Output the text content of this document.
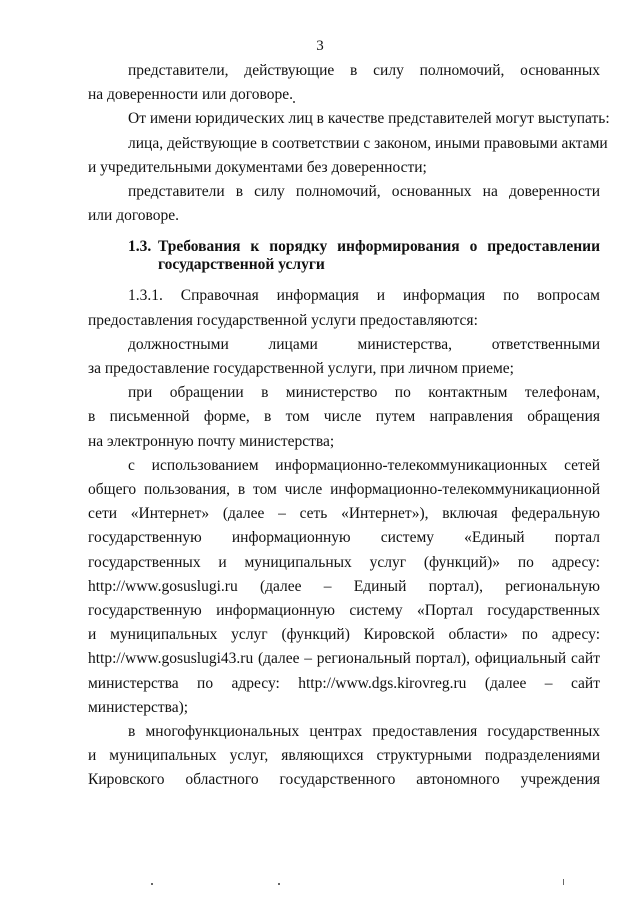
3
представители, действующие в силу полномочий, основанных
на доверенности или договоре.
От имени юридических лиц в качестве представителей могут выступать:
лица, действующие в соответствии с законом, иными правовыми актами
и учредительными документами без доверенности;
представители в силу полномочий, основанных на доверенности
или договоре.
1.3. Требования к порядку информирования о предоставлении
государственной услуги
1.3.1. Справочная информация и информация по вопросам
предоставления государственной услуги предоставляются:
должностными лицами министерства, ответственными
за предоставление государственной услуги, при личном приеме;
при обращении в министерство по контактным телефонам,
в письменной форме, в том числе путем направления обращения
на электронную почту министерства;
с использованием информационно-телекоммуникационных сетей
общего пользования, в том числе информационно-телекоммуникационной
сети «Интернет» (далее – сеть «Интернет»), включая федеральную
государственную информационную систему «Единый портал
государственных и муниципальных услуг (функций)» по адресу:
http://www.gosuslugi.ru (далее – Единый портал), региональную
государственную информационную систему «Портал государственных
и муниципальных услуг (функций) Кировской области» по адресу:
http://www.gosuslugi43.ru (далее – региональный портал), официальный сайт
министерства по адресу: http://www.dgs.kirovreg.ru (далее – сайт
министерства);
в многофункциональных центрах предоставления государственных
и муниципальных услуг, являющихся структурными подразделениями
Кировского областного государственного автономного учреждения
